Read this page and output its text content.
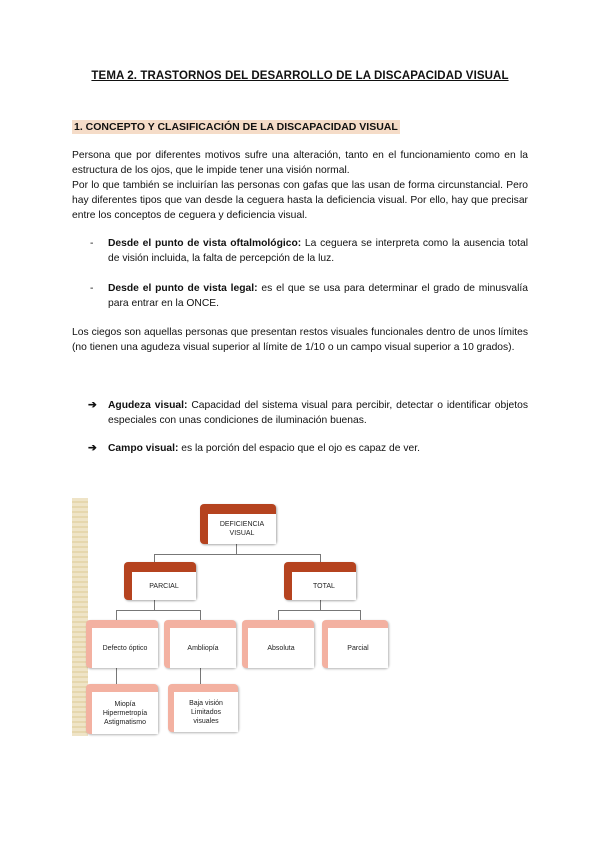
TEMA 2. TRASTORNOS DEL DESARROLLO DE LA DISCAPACIDAD VISUAL
1. CONCEPTO Y CLASIFICACIÓN DE LA DISCAPACIDAD VISUAL

Persona que por diferentes motivos sufre una alteración, tanto en el funcionamiento como en la estructura de los ojos, que le impide tener una visión normal.

Por lo que también se incluirían las personas con gafas que las usan de forma circunstancial. Pero hay diferentes tipos que van desde la ceguera hasta la deficiencia visual. Por ello, hay que precisar entre los conceptos de ceguera y deficiencia visual.

-	Desde el punto de vista oftalmológico: La ceguera se interpreta como la ausencia total de visión incluida, la falta de percepción de la luz.
-	Desde el punto de vista legal: es el que se usa para determinar el grado de minusvalía para entrar en la ONCE.

Los ciegos son aquellas personas que presentan restos visuales funcionales dentro de unos límites (no tienen una agudeza visual superior al límite de 1/10 o un campo visual superior a 10 grados).

➔	Agudeza visual: Capacidad del sistema visual para percibir, detectar o identificar objetos especiales con unas condiciones de iluminación buenas.
➔	Campo visual: es la porción del espacio que el ojo es capaz de ver.
DEFICIENCIA VISUAL
PARCIAL	TOTAL
Defecto óptico	Ambliopía	Absoluta	Parcial
Miopía
Hipermetropía
Astigmatismo
Baja visión
Limitados visuales
